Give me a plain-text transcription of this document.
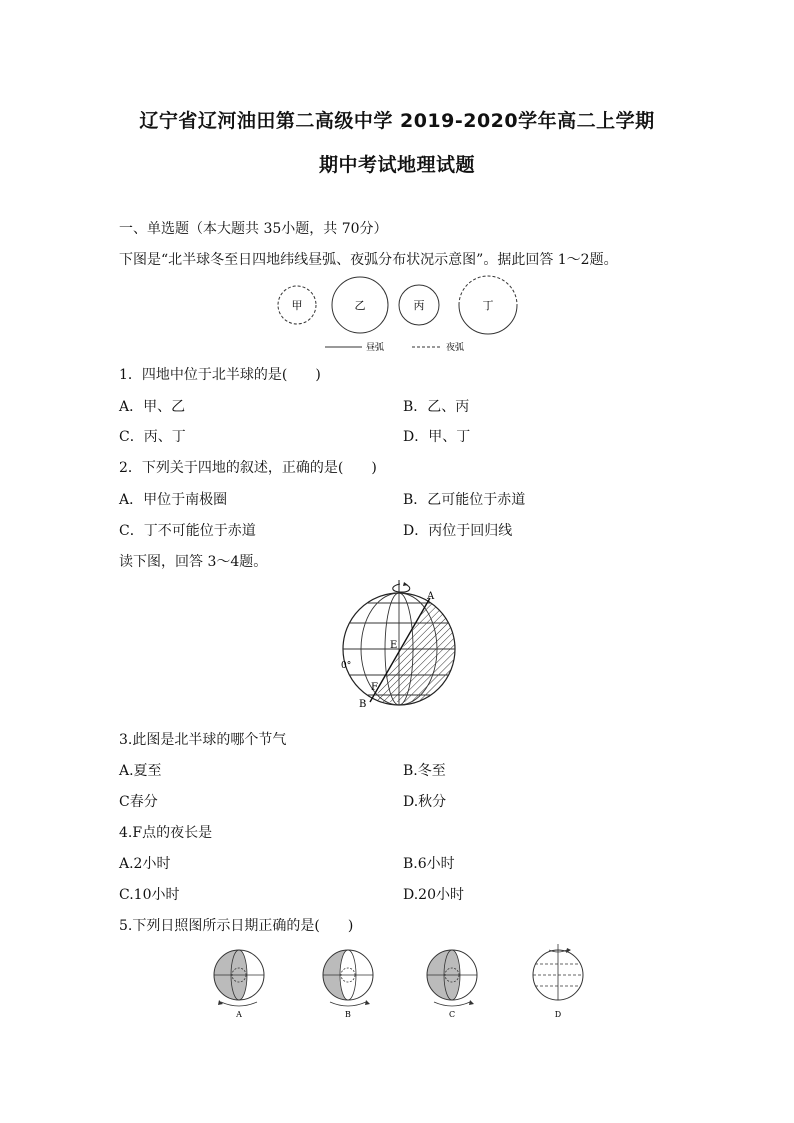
辽宁省辽河油田第二高级中学 2019-2020学年高二上学期
期中考试地理试题
一、单选题（本大题共 35小题，共 70分）
下图是“北半球冬至日四地纬线昼弧、夜弧分布状况示意图”。据此回答 1～2题。
甲	乙	丙	丁
昼弧	夜弧
1．四地中位于北半球的是(　　)
A．甲、乙	B．乙、丙
C．丙、丁	D．甲、丁
2．下列关于四地的叙述，正确的是(　　)
A．甲位于南极圈	B．乙可能位于赤道
C．丁不可能位于赤道	D．丙位于回归线
读下图，回答 3～4题。
A
B
E
F
0°
3.此图是北半球的哪个节气
A.夏至	B.冬至
C春分	D.秋分
4.F点的夜长是
A.2小时	B.6小时
C.10小时	D.20小时
5.下列日照图所示日期正确的是(　　)
A	B	C	D
